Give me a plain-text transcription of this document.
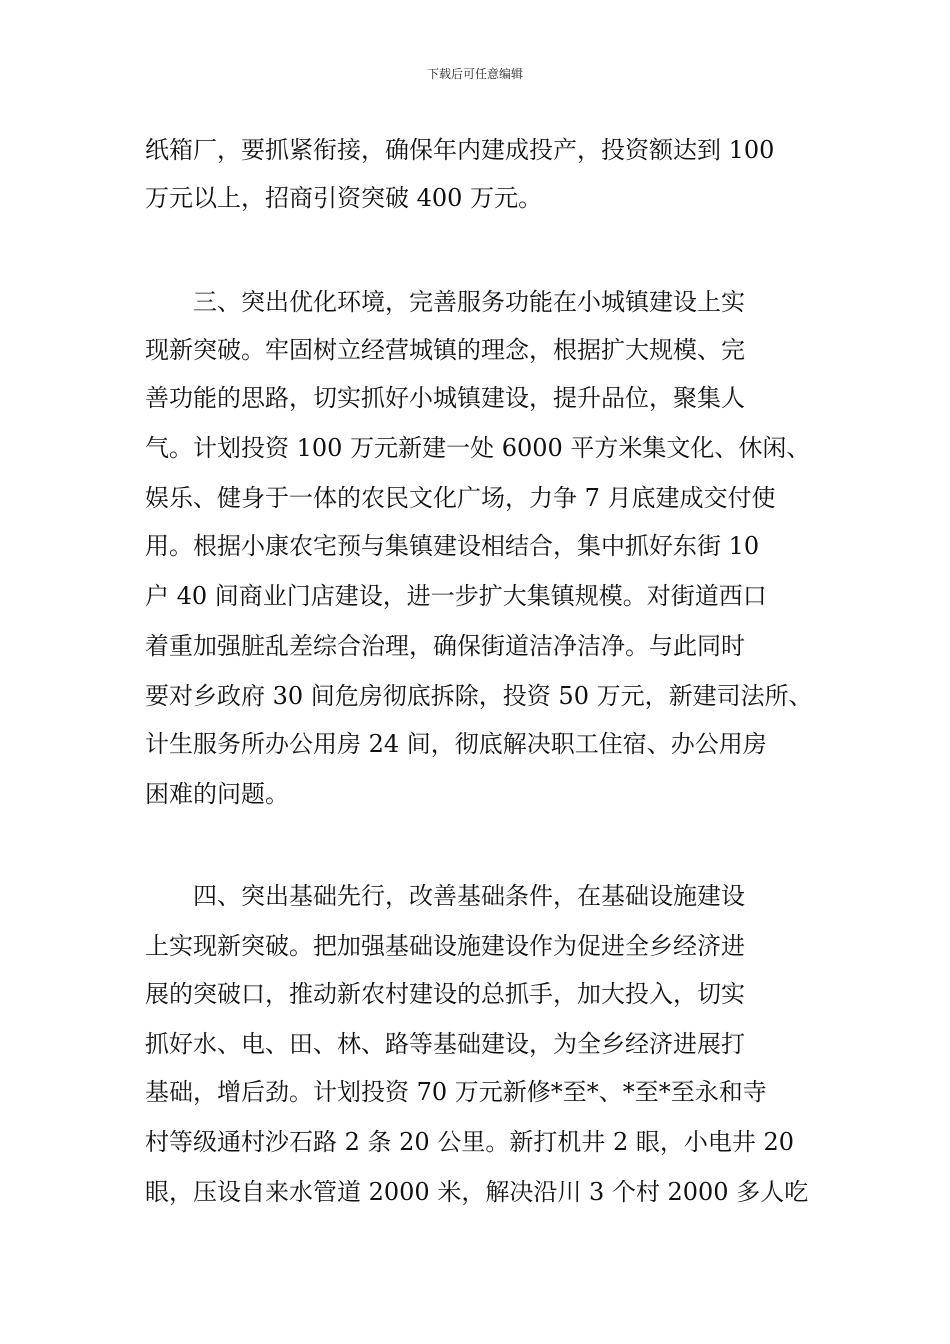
下载后可任意编辑
纸箱厂，要抓紧衔接，确保年内建成投产，投资额达到 100
万元以上，招商引资突破 400 万元。
　　三、突出优化环境，完善服务功能在小城镇建设上实
现新突破。牢固树立经营城镇的理念，根据扩大规模、完
善功能的思路，切实抓好小城镇建设，提升品位，聚集人
气。计划投资 100 万元新建一处 6000 平方米集文化、休闲、
娱乐、健身于一体的农民文化广场，力争 7 月底建成交付使
用。根据小康农宅预与集镇建设相结合，集中抓好东街 10
户 40 间商业门店建设，进一步扩大集镇规模。对街道西口
着重加强脏乱差综合治理，确保街道洁净洁净。与此同时
要对乡政府 30 间危房彻底拆除，投资 50 万元，新建司法所、
计生服务所办公用房 24 间，彻底解决职工住宿、办公用房
困难的问题。
　　四、突出基础先行，改善基础条件，在基础设施建设
上实现新突破。把加强基础设施建设作为促进全乡经济进
展的突破口，推动新农村建设的总抓手，加大投入，切实
抓好水、电、田、林、路等基础建设，为全乡经济进展打
基础，增后劲。计划投资 70 万元新修*至*、*至*至永和寺
村等级通村沙石路 2 条 20 公里。新打机井 2 眼，小电井 20
眼，压设自来水管道 2000 米，解决沿川 3 个村 2000 多人吃
